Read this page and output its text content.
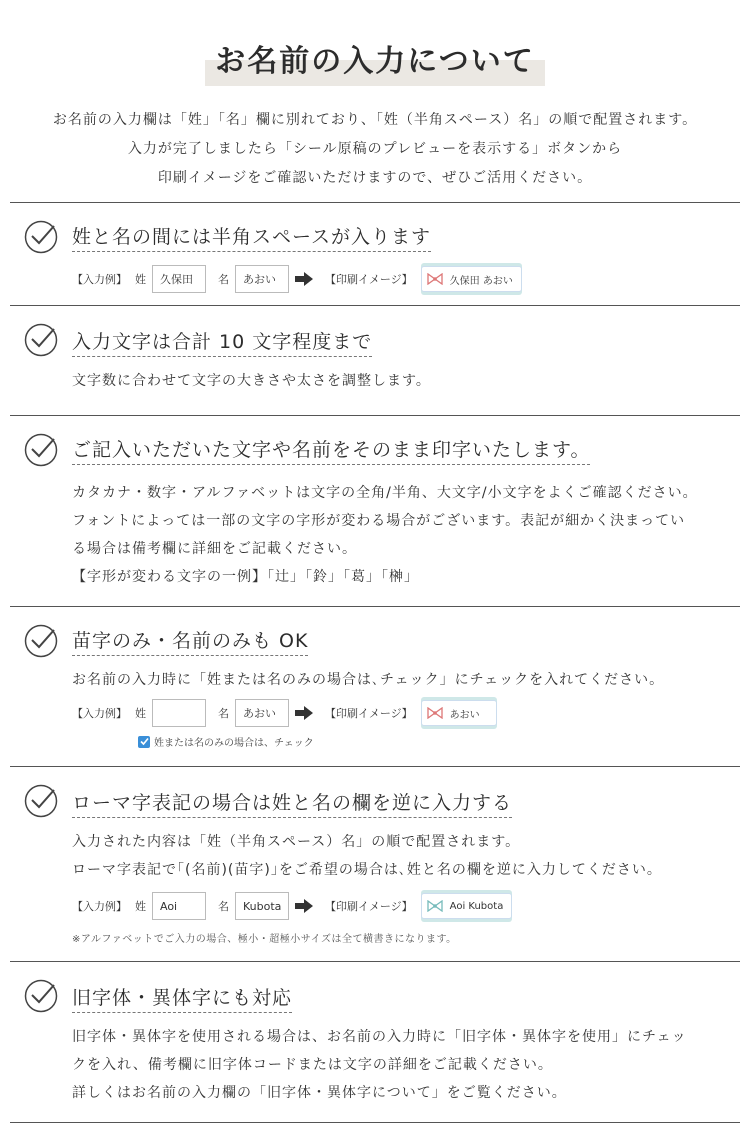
お名前の入力について

お名前の入力欄は「姓」「名」欄に別れており、「姓（半角スペース）名」の順で配置されます。

入力が完了しましたら「シール原稿のプレビューを表示する」ボタンから

印刷イメージをご確認いただけますので、ぜひご活用ください。

姓と名の間には半角スペースが入ります
【入力例】 姓	久保田	名	あおい	【印刷イメージ】	久保田 あおい
入力文字は合計 10 文字程度まで

文字数に合わせて文字の大きさや太さを調整します。

ご記入いただいた文字や名前をそのまま印字いたします。

カタカナ・数字・アルファベットは文字の全角/半角、大文字/小文字をよくご確認ください。

フォントによっては一部の文字の字形が変わる場合がございます。表記が細かく決まってい

る場合は備考欄に詳細をご記載ください。

【字形が変わる文字の一例】「辻」「鈴」「葛」「榊」

苗字のみ・名前のみも OK

お名前の入力時に「姓または名のみの場合は､チェック」にチェックを入れてください。

【入力例】 姓	名	あおい	【印刷イメージ】	あおい
姓または名のみの場合は、チェック
ローマ字表記の場合は姓と名の欄を逆に入力する

入力された内容は「姓（半角スペース）名」の順で配置されます。

ローマ字表記で｢(名前)(苗字)｣をご希望の場合は､姓と名の欄を逆に入力してください。

【入力例】 姓	Aoi	名	Kubota	【印刷イメージ】	Aoi Kubota
※アルファベットでご入力の場合、極小・超極小サイズは全て横書きになります。
旧字体・異体字にも対応

旧字体・異体字を使用される場合は、お名前の入力時に「旧字体・異体字を使用」にチェッ

クを入れ、備考欄に旧字体コードまたは文字の詳細をご記載ください。

詳しくはお名前の入力欄の「旧字体・異体字について」をご覧ください。
